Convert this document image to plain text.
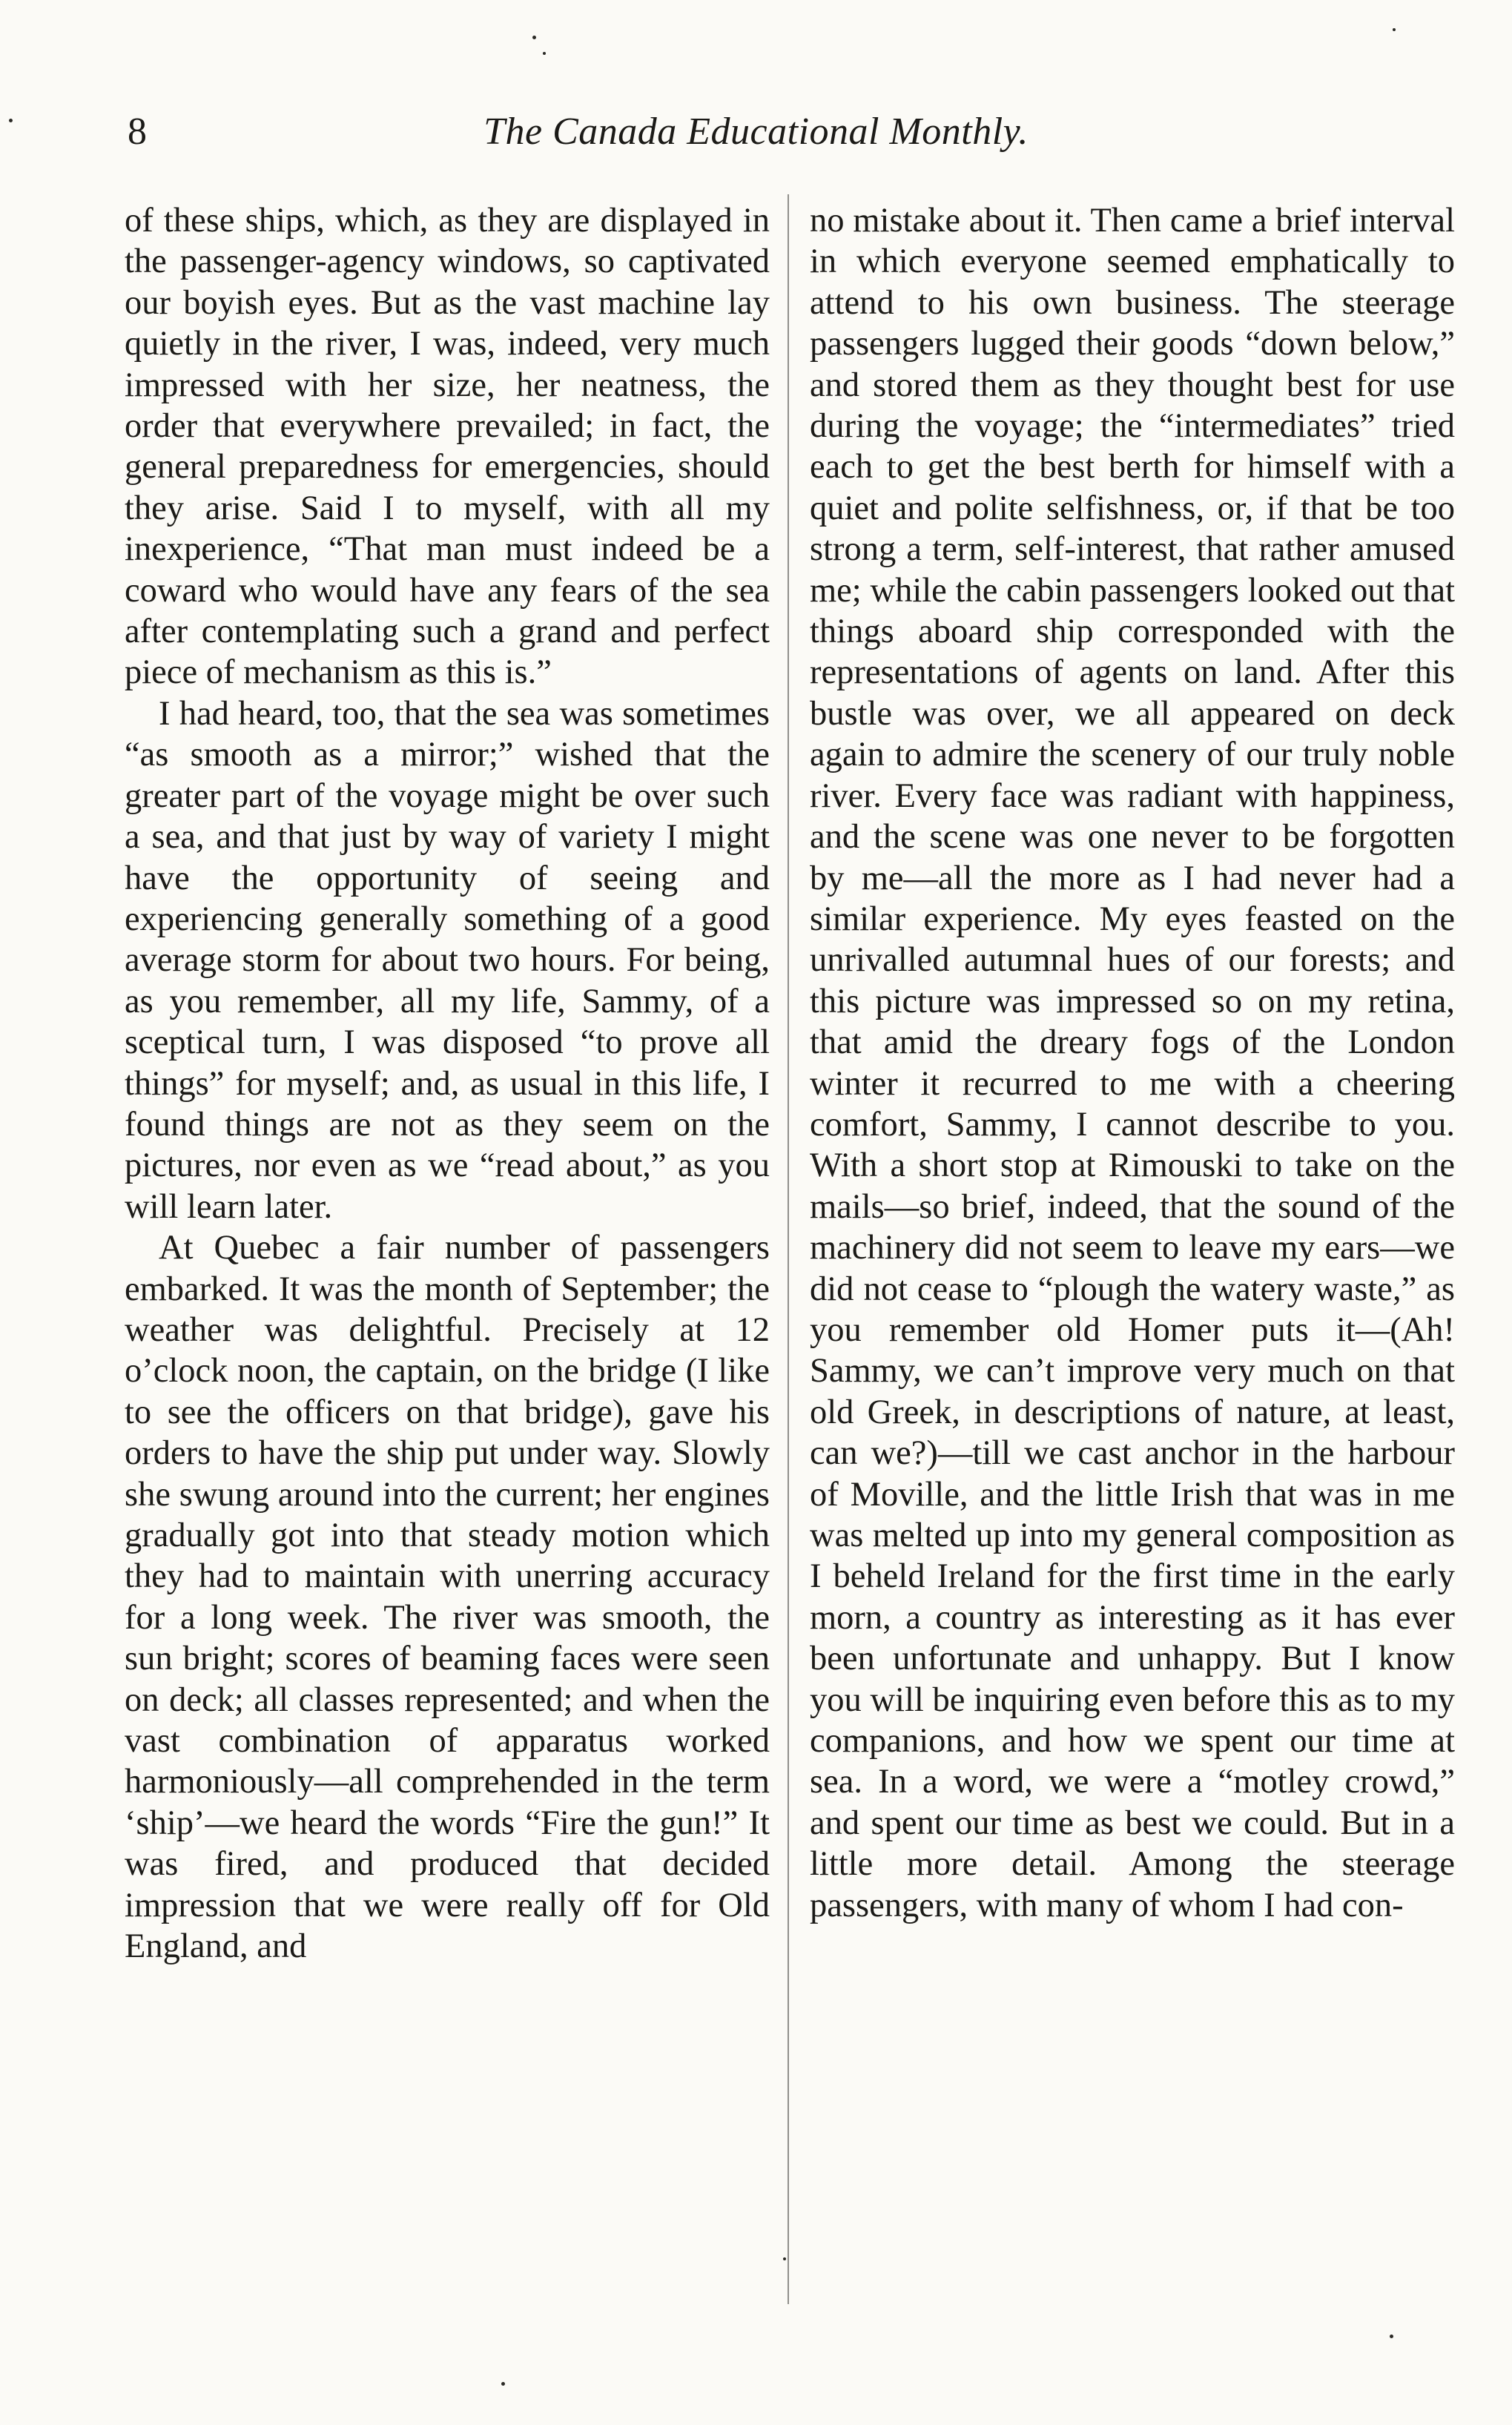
8	The Canada Educational Monthly.

of these ships, which, as they are displayed in the passenger-agency windows, so captivated our boyish eyes. But as the vast machine lay quietly in the river, I was, indeed, very much impressed with her size, her neatness, the order that everywhere prevailed; in fact, the general preparedness for emergencies, should they arise. Said I to myself, with all my inexperience, “That man must indeed be a coward who would have any fears of the sea after contemplating such a grand and perfect piece of mechanism as this is.”

I had heard, too, that the sea was sometimes “as smooth as a mirror;” wished that the greater part of the voyage might be over such a sea, and that just by way of variety I might have the opportunity of seeing and experiencing generally something of a good average storm for about two hours. For being, as you remember, all my life, Sammy, of a sceptical turn, I was disposed “to prove all things” for myself; and, as usual in this life, I found things are not as they seem on the pictures, nor even as we “read about,” as you will learn later.

At Quebec a fair number of passengers embarked. It was the month of September; the weather was delightful. Precisely at 12 o’clock noon, the captain, on the bridge (I like to see the officers on that bridge), gave his orders to have the ship put under way. Slowly she swung around into the current; her engines gradually got into that steady motion which they had to maintain with unerring accuracy for a long week. The river was smooth, the sun bright; scores of beaming faces were seen on deck; all classes represented; and when the vast combination of apparatus worked harmoniously—all comprehended in the term ‘ship’—we heard the words “Fire the gun!” It was fired, and produced that decided impression that we were really off for Old England, and

no mistake about it. Then came a brief interval in which everyone seemed emphatically to attend to his own business. The steerage passengers lugged their goods “down below,” and stored them as they thought best for use during the voyage; the “intermediates” tried each to get the best berth for himself with a quiet and polite selfishness, or, if that be too strong a term, self-interest, that rather amused me; while the cabin passengers looked out that things aboard ship corresponded with the representations of agents on land. After this bustle was over, we all appeared on deck again to admire the scenery of our truly noble river. Every face was radiant with happiness, and the scene was one never to be forgotten by me—all the more as I had never had a similar experience. My eyes feasted on the unrivalled autumnal hues of our forests; and this picture was impressed so on my retina, that amid the dreary fogs of the London winter it recurred to me with a cheering comfort, Sammy, I cannot describe to you. With a short stop at Rimouski to take on the mails—so brief, indeed, that the sound of the machinery did not seem to leave my ears—we did not cease to “plough the watery waste,” as you remember old Homer puts it—(Ah! Sammy, we can’t improve very much on that old Greek, in descriptions of nature, at least, can we?)—till we cast anchor in the harbour of Moville, and the little Irish that was in me was melted up into my general composition as I beheld Ireland for the first time in the early morn, a country as interesting as it has ever been unfortunate and unhappy. But I know you will be inquiring even before this as to my companions, and how we spent our time at sea. In a word, we were a “motley crowd,” and spent our time as best we could. But in a little more detail. Among the steerage passengers, with many of whom I had con-
